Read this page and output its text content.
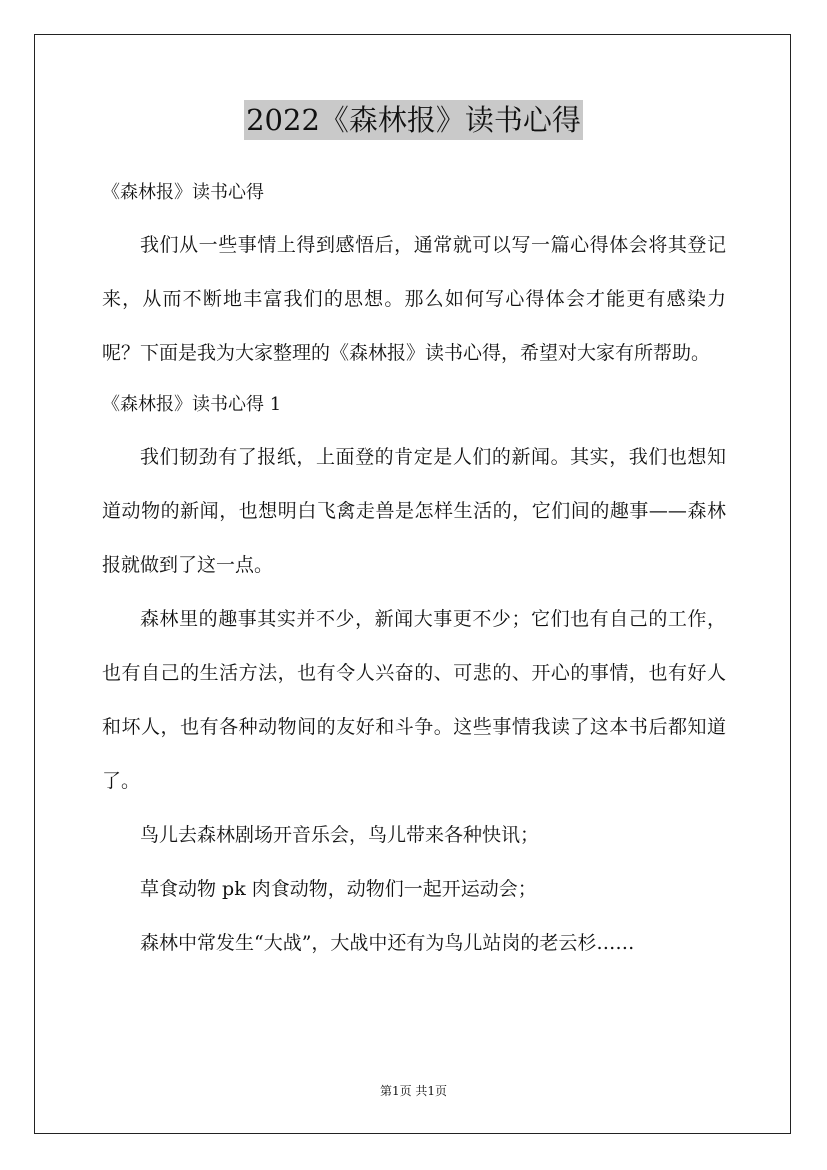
2022《森林报》读书心得

《森林报》读书心得

我们从一些事情上得到感悟后，通常就可以写一篇心得体会将其登记来，从而不断地丰富我们的思想。那么如何写心得体会才能更有感染力呢？下面是我为大家整理的《森林报》读书心得，希望对大家有所帮助。

《森林报》读书心得 1

我们韧劲有了报纸，上面登的肯定是人们的新闻。其实，我们也想知道动物的新闻，也想明白飞禽走兽是怎样生活的，它们间的趣事——森林报就做到了这一点。

森林里的趣事其实并不少，新闻大事更不少；它们也有自己的工作，也有自己的生活方法，也有令人兴奋的、可悲的、开心的事情，也有好人和坏人，也有各种动物间的友好和斗争。这些事情我读了这本书后都知道了。

鸟儿去森林剧场开音乐会，鸟儿带来各种快讯；

草食动物 pk 肉食动物，动物们一起开运动会；

森林中常发生“大战”，大战中还有为鸟儿站岗的老云杉……

第1页 共1页
